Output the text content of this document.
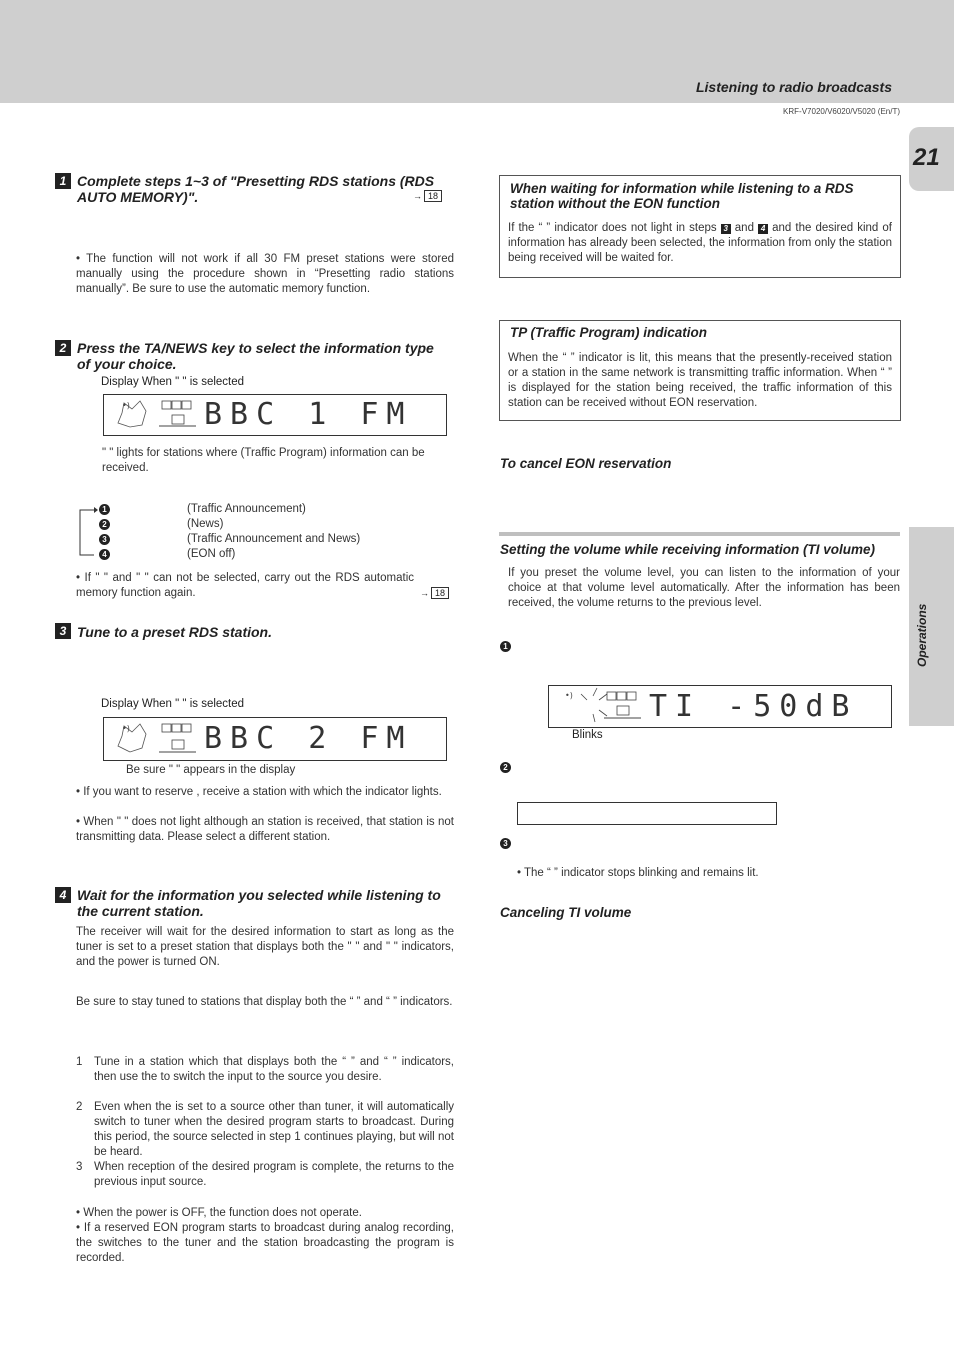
Listening to radio broadcasts
KRF-V7020/V6020/V5020 (En/T)
21
Operations
1 Complete steps 1~3 of "Presetting RDS stations (RDS AUTO MEMORY)".	→ 18
• The function will not work if all 30 FM preset stations were stored manually using the procedure shown in “Presetting radio stations manually”. Be sure to use the automatic memory function.
2 Press the TA/NEWS key to select the information type of your choice.
Display When " " is selected
•) BBC 1 FM
" " lights for stations where (Traffic Program) information can be received.
1	(Traffic Announcement)
2	(News)
3	(Traffic Announcement and News)
4	(EON off)
• If " " and " " can not be selected, carry out the RDS automatic memory function again.	→ 18
3 Tune to a preset RDS station.
Display When " " is selected
•) BBC 2 FM
Be sure " " appears in the display
• If you want to reserve , receive a station with which the indicator lights.
• When " " does not light although an station is received, that station is not transmitting data. Please select a different station.
4 Wait for the information you selected while listening to the current station.
The receiver will wait for the desired information to start as long as the tuner is set to a preset station that displays both the " " and " " indicators, and the power is turned ON.
Be sure to stay tuned to stations that display both the “ ” and “ ” indicators.
1 Tune in a station which that displays both the “ ” and “ ” indicators, then use the to switch the input to the source you desire.
2 Even when the is set to a source other than tuner, it will automatically switch to tuner when the desired program starts to broadcast. During this period, the source selected in step 1 continues playing, but will not be heard.
3 When reception of the desired program is complete, the returns to the previous input source.
• When the power is OFF, the function does not operate.
• If a reserved EON program starts to broadcast during analog recording, the switches to the tuner and the station broadcasting the program is recorded.
When waiting for information while listening to a RDS station without the EON function
If the “ ” indicator does not light in steps 3 and 4 and the desired kind of information has already been selected, the information from only the station being received will be waited for.
TP (Traffic Program) indication
When the “ ” indicator is lit, this means that the presently-received station or a station in the same network is transmitting traffic information. When “ ” is displayed for the station being received, the traffic information of this station can be received without EON reservation.
To cancel EON reservation
Setting the volume while receiving information (TI volume)
If you preset the volume level, you can listen to the information of your choice at that volume level automatically. After the information has been received, the volume returns to the previous level.
1
•)	TI -50dB
Blinks
2
3
• The “ ” indicator stops blinking and remains lit.
Canceling TI volume
